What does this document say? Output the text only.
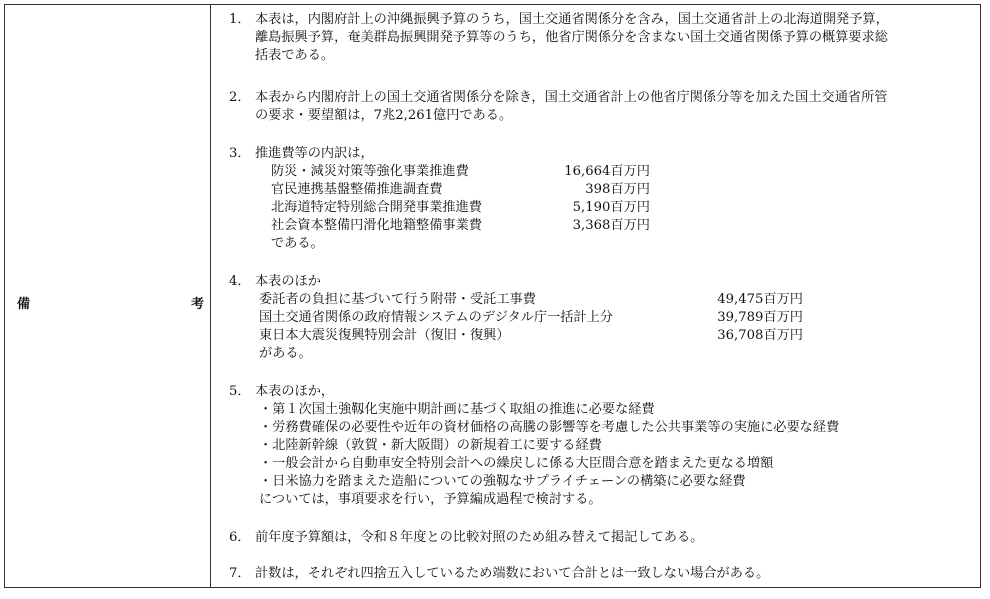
備	考
1． 本表は，内閣府計上の沖縄振興予算のうち，国土交通省関係分を含み，国土交通省計上の北海道開発予算，
離島振興予算，奄美群島振興開発予算等のうち，他省庁関係分を含まない国土交通省関係予算の概算要求総
括表である。
2． 本表から内閣府計上の国土交通省関係分を除き，国土交通省計上の他省庁関係分等を加えた国土交通省所管
の要求・要望額は，7兆2,261億円である。
3． 推進費等の内訳は，
防災・減災対策等強化事業推進費	16,664百万円
官民連携基盤整備推進調査費	398百万円
北海道特定特別総合開発事業推進費	5,190百万円
社会資本整備円滑化地籍整備事業費	3,368百万円
である。
4． 本表のほか
委託者の負担に基づいて行う附帯・受託工事費	49,475百万円
国土交通省関係の政府情報システムのデジタル庁一括計上分	39,789百万円
東日本大震災復興特別会計（復旧・復興）	36,708百万円
がある。
5． 本表のほか，
・第１次国土強靱化実施中期計画に基づく取組の推進に必要な経費
・労務費確保の必要性や近年の資材価格の高騰の影響等を考慮した公共事業等の実施に必要な経費
・北陸新幹線（敦賀・新大阪間）の新規着工に要する経費
・一般会計から自動車安全特別会計への繰戻しに係る大臣間合意を踏まえた更なる増額
・日米協力を踏まえた造船についての強靱なサプライチェーンの構築に必要な経費
については，事項要求を行い，予算編成過程で検討する。
6． 前年度予算額は，令和８年度との比較対照のため組み替えて掲記してある。
7． 計数は，それぞれ四捨五入しているため端数において合計とは一致しない場合がある。
